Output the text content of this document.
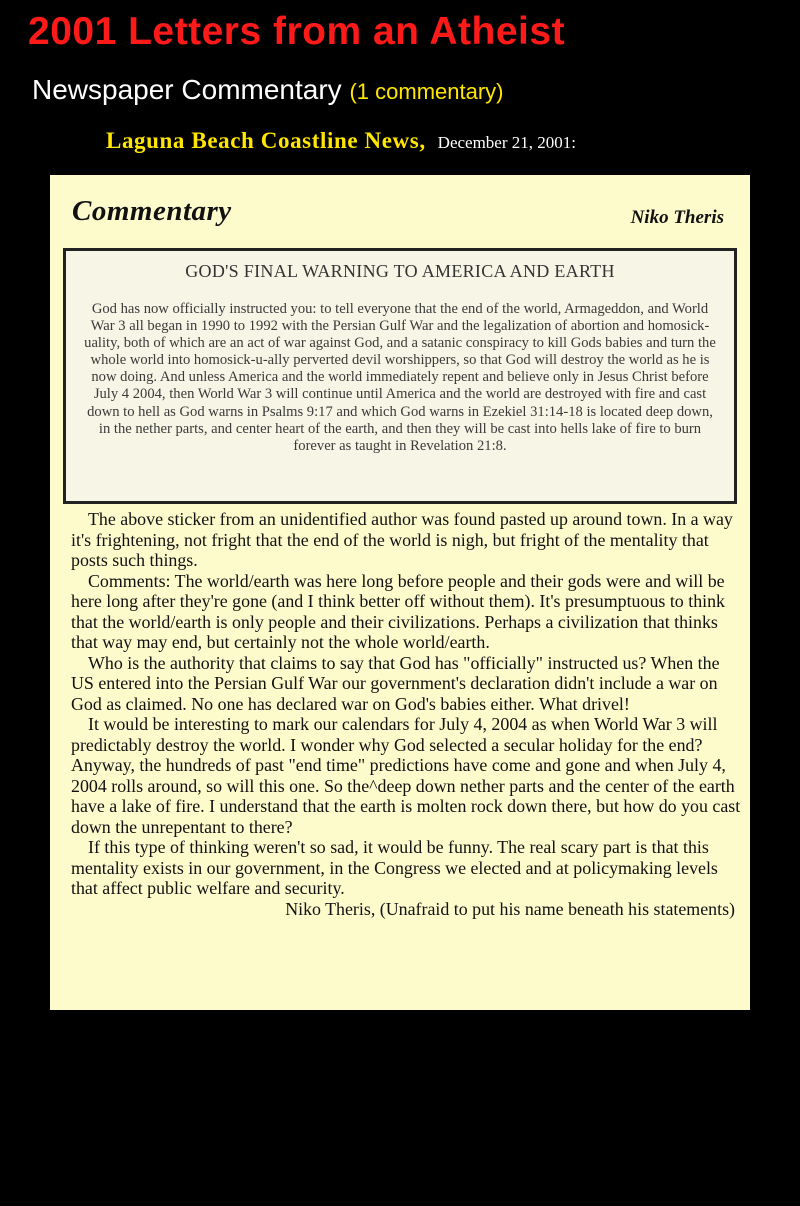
2001 Letters from an Atheist
Newspaper Commentary (1 commentary)
Laguna Beach Coastline News, December 21, 2001:
Commentary	Niko Theris
GOD'S FINAL WARNING TO AMERICA AND EARTH
God has now officially instructed you: to tell everyone that the end of the world, Armageddon, and World War 3 all began in 1990 to 1992 with the Persian Gulf War and the legalization of abortion and homosick-uality, both of which are an act of war against God, and a satanic conspiracy to kill Gods babies and turn the whole world into homosick-u-ally perverted devil worshippers, so that God will destroy the world as he is now doing. And unless America and the world immediately repent and believe only in Jesus Christ before July 4 2004, then World War 3 will continue until America and the world are destroyed with fire and cast down to hell as God warns in Psalms 9:17 and which God warns in Ezekiel 31:14-18 is located deep down, in the nether parts, and center heart of the earth, and then they will be cast into hells lake of fire to burn forever as taught in Revelation 21:8.

The above sticker from an unidentified author was found pasted up around town. In a way it's frightening, not fright that the end of the world is nigh, but fright of the mentality that posts such things.

Comments: The world/earth was here long before people and their gods were and will be here long after they're gone (and I think better off without them). It's presumptuous to think that the world/earth is only people and their civilizations. Perhaps a civilization that thinks that way may end, but certainly not the whole world/earth.

Who is the authority that claims to say that God has "officially" instructed us? When the US entered into the Persian Gulf War our government's declaration didn't include a war on God as claimed. No one has declared war on God's babies either. What drivel!

It would be interesting to mark our calendars for July 4, 2004 as when World War 3 will predictably destroy the world. I wonder why God selected a secular holiday for the end? Anyway, the hundreds of past "end time" predictions have come and gone and when July 4, 2004 rolls around, so will this one. So the^deep down nether parts and the center of the earth have a lake of fire. I understand that the earth is molten rock down there, but how do you cast down the unrepentant to there?

If this type of thinking weren't so sad, it would be funny. The real scary part is that this mentality exists in our government, in the Congress we elected and at policymaking levels that affect public welfare and security.

Niko Theris, (Unafraid to put his name beneath his statements)
